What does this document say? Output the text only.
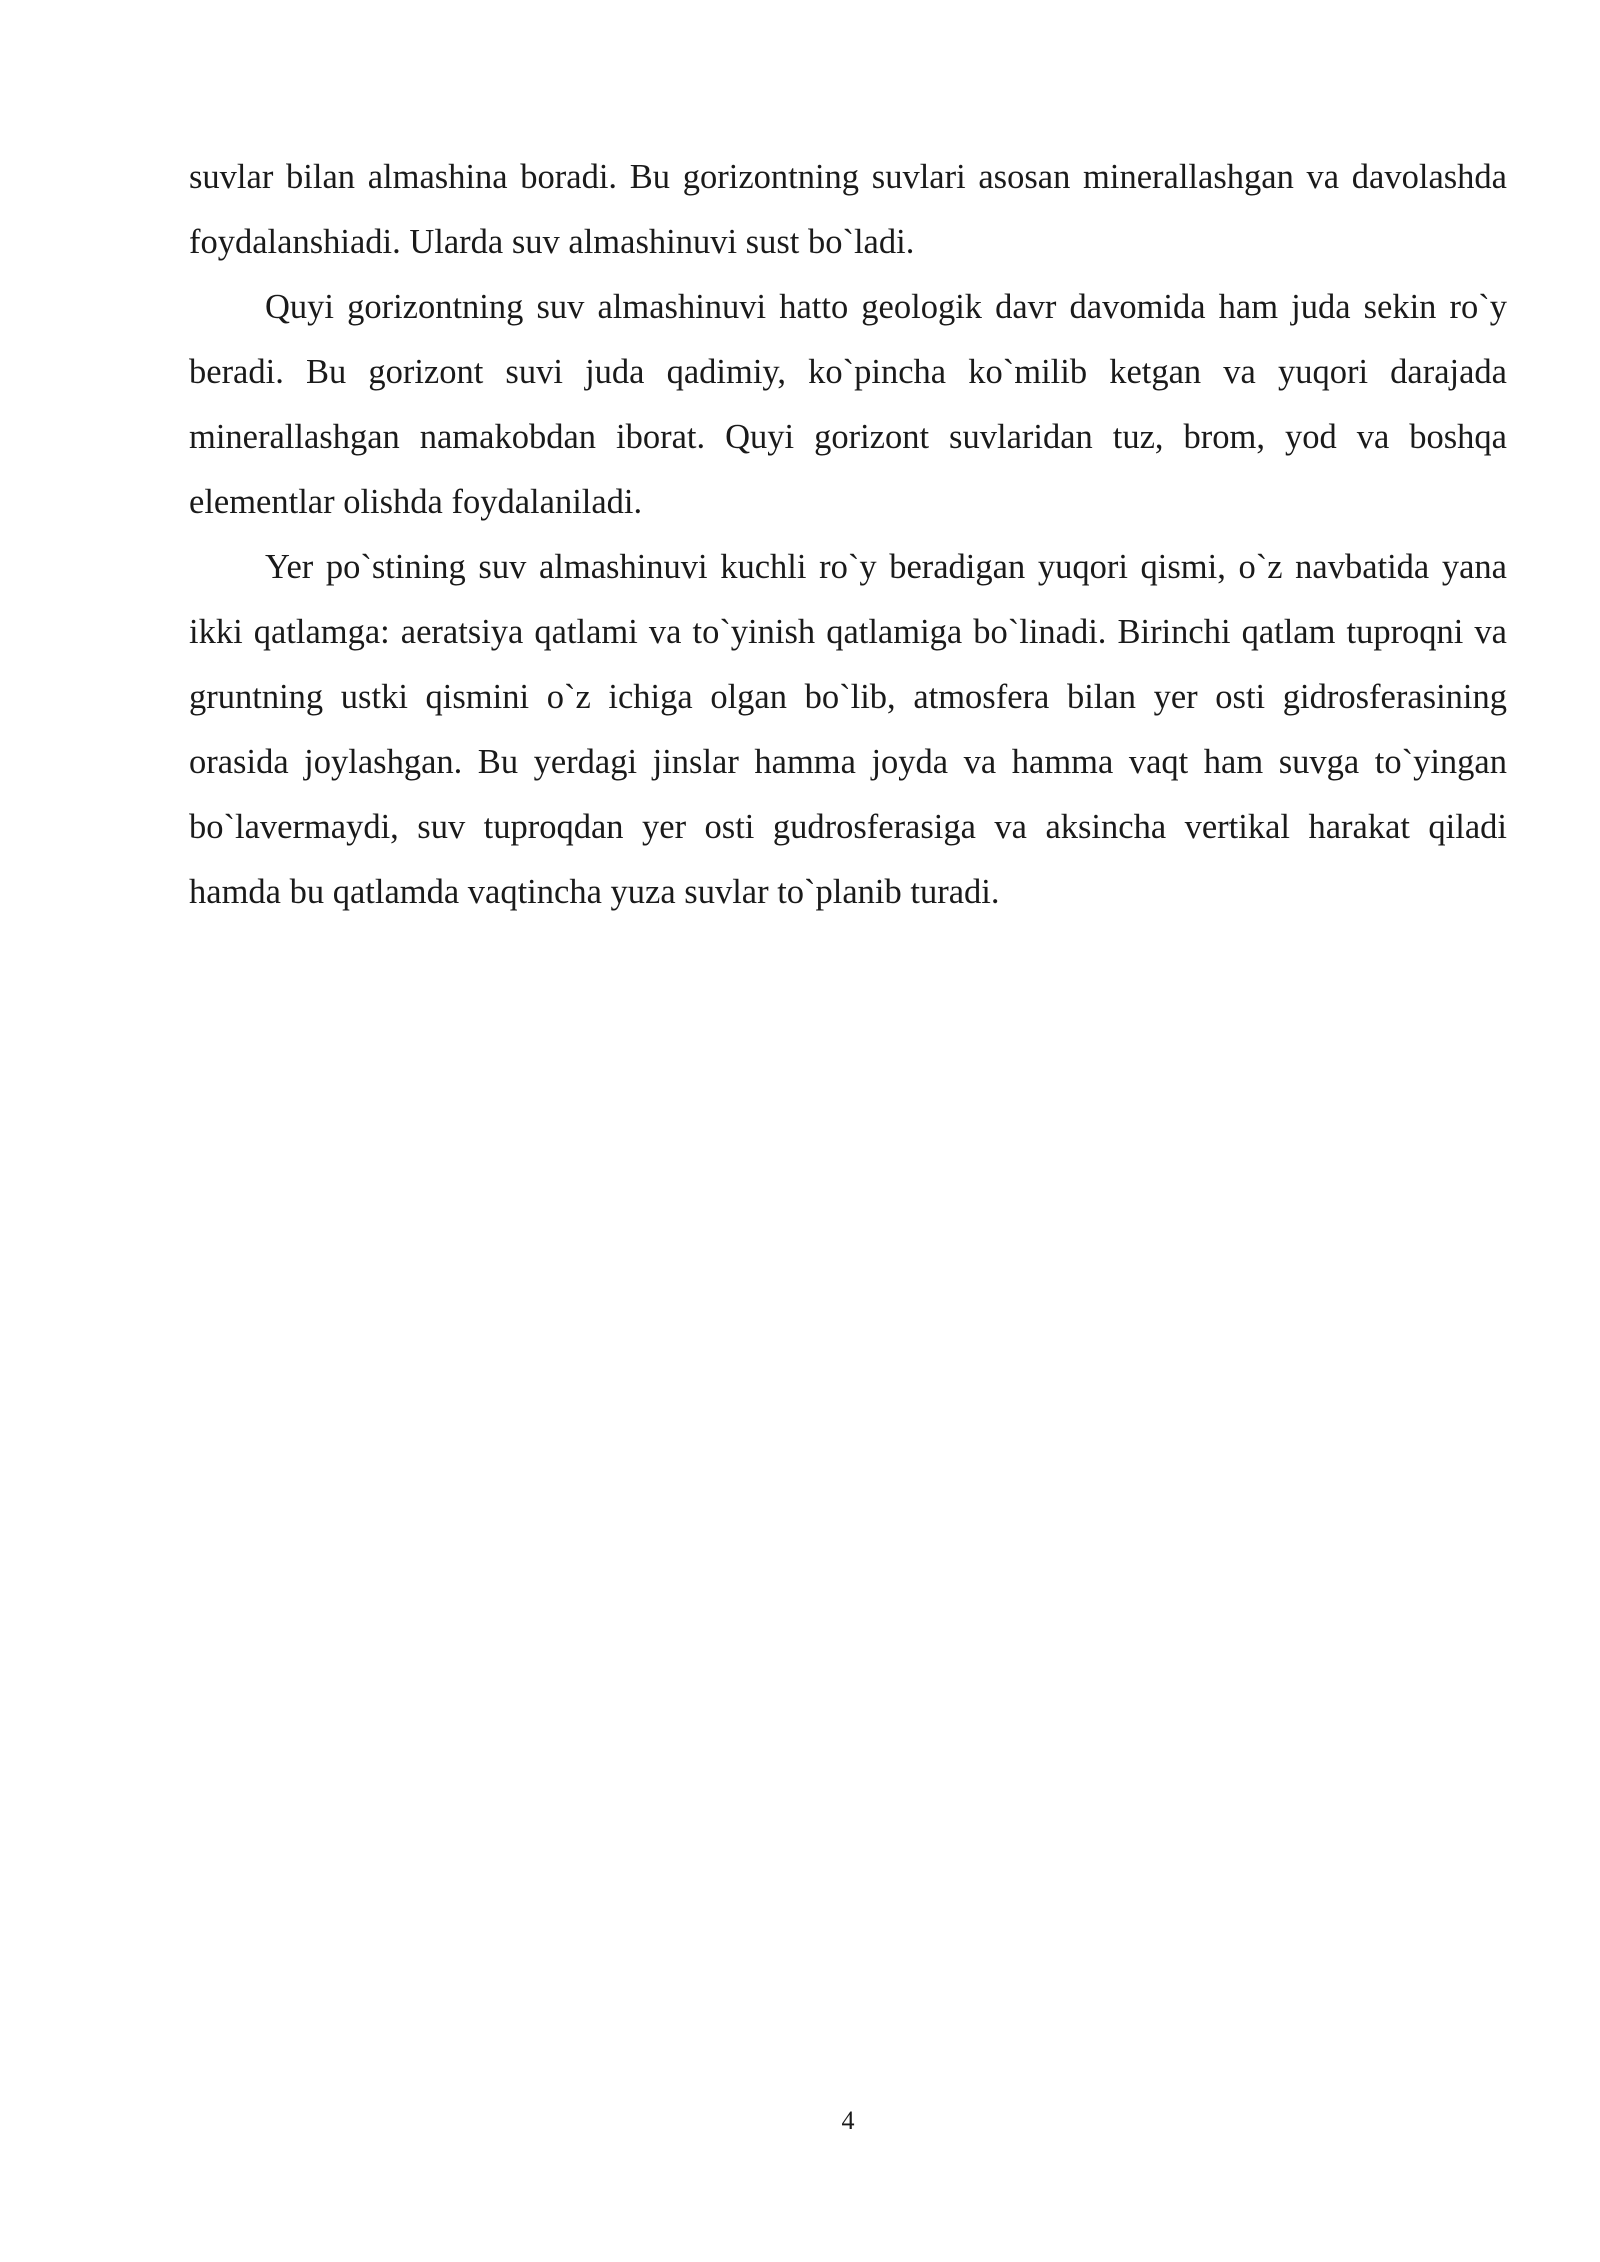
suvlar bilan almashina boradi. Bu gorizontning suvlari asosan minerallashgan va davolashda foydalanshiadi. Ularda suv almashinuvi sust bo`ladi.

Quyi gorizontning suv almashinuvi hatto geologik davr davomida ham juda sekin ro`y beradi. Bu gorizont suvi juda qadimiy, ko`pincha ko`milib ketgan va yuqori darajada minerallashgan namakobdan iborat. Quyi gorizont suvlaridan tuz, brom, yod va boshqa elementlar olishda foydalaniladi.

Yer po`stining suv almashinuvi kuchli ro`y beradigan yuqori qismi, o`z navbatida yana ikki qatlamga: aeratsiya qatlami va to`yinish qatlamiga bo`linadi. Birinchi qatlam tuproqni va gruntning ustki qismini o`z ichiga olgan bo`lib, atmosfera bilan yer osti gidrosferasining orasida joylashgan. Bu yerdagi jinslar hamma joyda va hamma vaqt ham suvga to`yingan bo`lavermaydi, suv tuproqdan yer osti gudrosferasiga va aksincha vertikal harakat qiladi hamda bu qatlamda vaqtincha yuza suvlar to`planib turadi.

4
